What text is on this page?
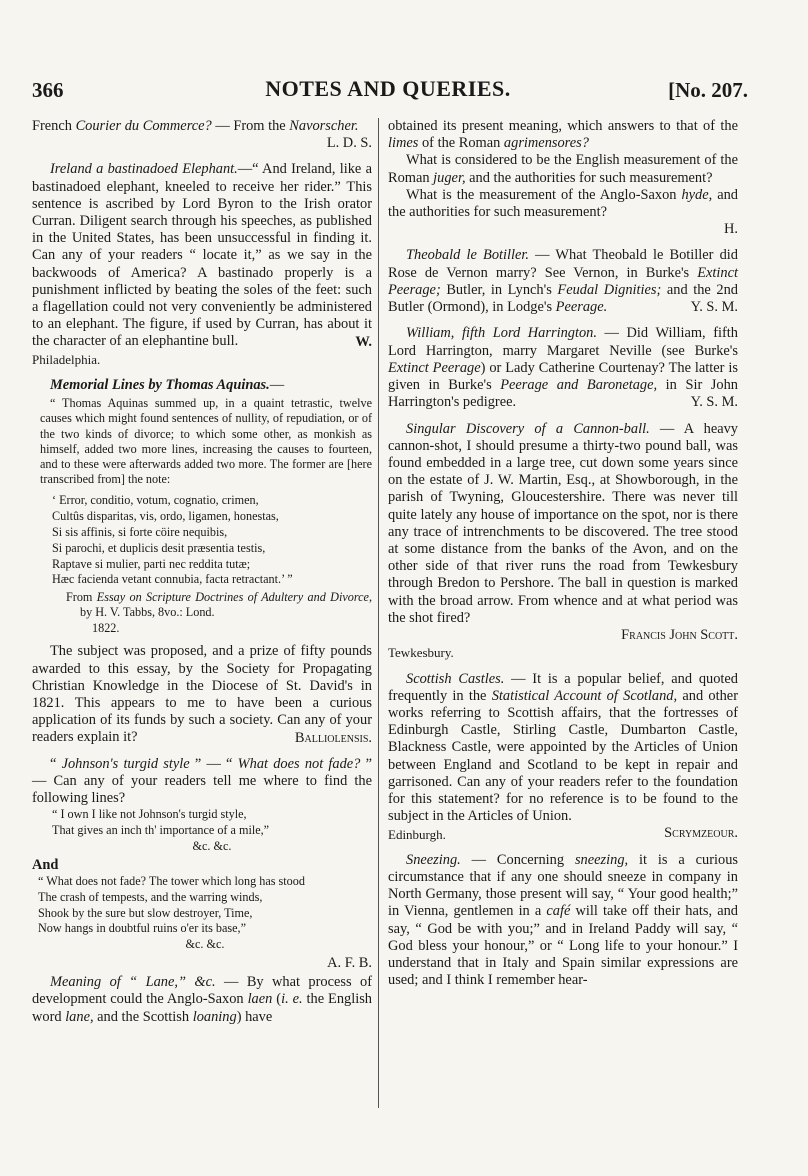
366	NOTES AND QUERIES.	[No. 207.

French Courier du Commerce? — From the Navorscher.

L. D. S.

Ireland a bastinadoed Elephant.—“ And Ireland, like a bastinadoed elephant, kneeled to receive her rider.” This sentence is ascribed by Lord Byron to the Irish orator Curran. Diligent search through his speeches, as published in the United States, has been unsuccessful in finding it. Can any of your readers “ locate it,” as we say in the backwoods of America? A bastinado properly is a punishment inflicted by beating the soles of the feet: such a flagellation could not very conveniently be administered to an elephant. The figure, if used by Curran, has about it the character of an elephantine bull.	W.

Philadelphia.

Memorial Lines by Thomas Aquinas.—

“ Thomas Aquinas summed up, in a quaint tetrastic, twelve causes which might found sentences of nullity, of repudiation, or of the two kinds of divorce; to which some other, as monkish as himself, added two more lines, increasing the causes to fourteen, and to these were afterwards added two more. The former are [here transcribed from] the note:

‘ Error, conditio, votum, cognatio, crimen,

Cultûs disparitas, vis, ordo, ligamen, honestas,

Si sis affinis, si forte cöire nequibis,

Si parochi, et duplicis desit præsentia testis,

Raptave si mulier, parti nec reddita tutæ;

Hæc facienda vetant connubia, facta retractant.’ ”

From Essay on Scripture Doctrines of Adultery and Divorce, by H. V. Tabbs, 8vo.: Lond.

1822.

The subject was proposed, and a prize of fifty pounds awarded to this essay, by the Society for Propagating Christian Knowledge in the Diocese of St. David's in 1821. This appears to me to have been a curious application of its funds by such a society. Can any of your readers explain it?	Balliolensis.

“ Johnson's turgid style ” — “ What does not fade? ” — Can any of your readers tell me where to find the following lines?

“ I own I like not Johnson's turgid style,

That gives an inch th' importance of a mile,”

&c. &c.

And

“ What does not fade? The tower which long has stood

The crash of tempests, and the warring winds,

Shook by the sure but slow destroyer, Time,

Now hangs in doubtful ruins o'er its base,”

&c. &c.

A. F. B.

Meaning of “ Lane,” &c. — By what process of development could the Anglo-Saxon laen (i. e. the English word lane, and the Scottish loaning) have

obtained its present meaning, which answers to that of the limes of the Roman agrimensores?

What is considered to be the English measurement of the Roman juger, and the authorities for such measurement?

What is the measurement of the Anglo-Saxon hyde, and the authorities for such measurement?

H.

Theobald le Botiller. — What Theobald le Botiller did Rose de Vernon marry? See Vernon, in Burke's Extinct Peerage; Butler, in Lynch's Feudal Dignities; and the 2nd Butler (Ormond), in Lodge's Peerage.	Y. S. M.

William, fifth Lord Harrington. — Did William, fifth Lord Harrington, marry Margaret Neville (see Burke's Extinct Peerage) or Lady Catherine Courtenay? The latter is given in Burke's Peerage and Baronetage, in Sir John Harrington's pedigree.	Y. S. M.

Singular Discovery of a Cannon-ball. — A heavy cannon-shot, I should presume a thirty-two pound ball, was found embedded in a large tree, cut down some years since on the estate of J. W. Martin, Esq., at Showborough, in the parish of Twyning, Gloucestershire. There was never till quite lately any house of importance on the spot, nor is there any trace of intrenchments to be discovered. The tree stood at some distance from the banks of the Avon, and on the other side of that river runs the road from Tewkesbury through Bredon to Pershore. The ball in question is marked with the broad arrow. From whence and at what period was the shot fired?

Francis John Scott.

Tewkesbury.

Scottish Castles. — It is a popular belief, and quoted frequently in the Statistical Account of Scotland, and other works referring to Scottish affairs, that the fortresses of Edinburgh Castle, Stirling Castle, Dumbarton Castle, Blackness Castle, were appointed by the Articles of Union between England and Scotland to be kept in repair and garrisoned. Can any of your readers refer to the foundation for this statement? for no reference is to be found to the subject in the Articles of Union.

Scrymzeour.

Edinburgh.

Sneezing. — Concerning sneezing, it is a curious circumstance that if any one should sneeze in company in North Germany, those present will say, “ Your good health;” in Vienna, gentlemen in a café will take off their hats, and say, “ God be with you;” and in Ireland Paddy will say, “ God bless your honour,” or “ Long life to your honour.” I understand that in Italy and Spain similar expressions are used; and I think I remember hear-
